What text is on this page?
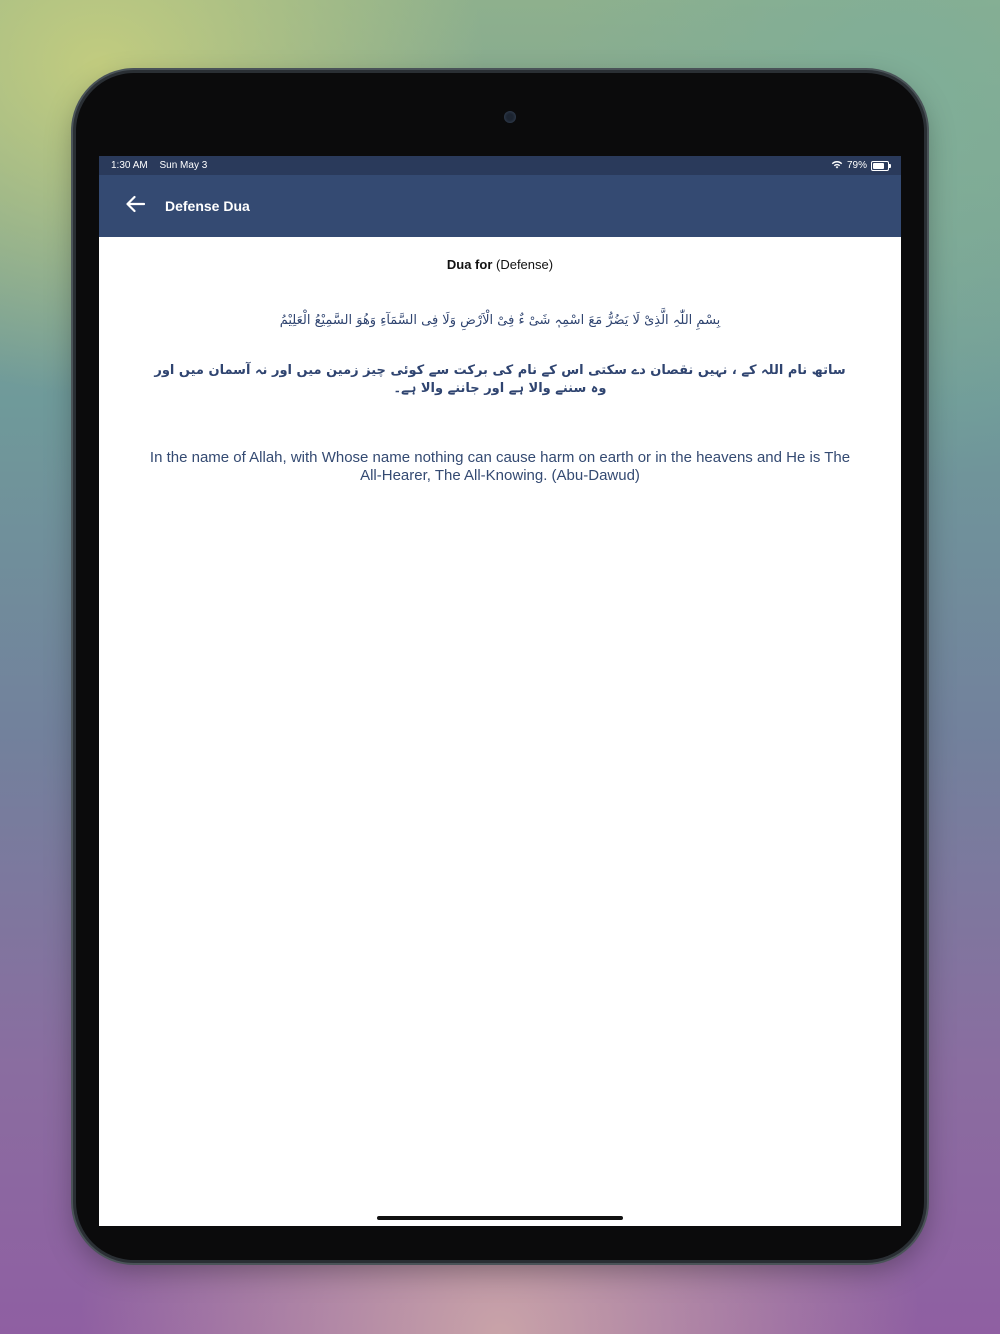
1:30 AM Sun May 3	79%
Defense Dua
Dua for (Defense)
بِسْمِ اللّٰہِ الَّذِیْ لَا یَضُرُّ مَعَ اسْمِہٖ شَیْ ءٌ فِیْ الْاَرْضِ وَلَا فِی السَّمَآءِ وَھُوَ السَّمِیْعُ الْعَلِیْمُ
ساتھ نام اللہ کے ، نہیں نقصان دے سکتی اس کے نام کی برکت سے کوئی چیز زمین میں اور نہ آسمان میں اور وہ سننے والا ہے اور جاننے والا ہے۔
In the name of Allah, with Whose name nothing can cause harm on earth or in the heavens and He is The All-Hearer, The All-Knowing. (Abu-Dawud)
